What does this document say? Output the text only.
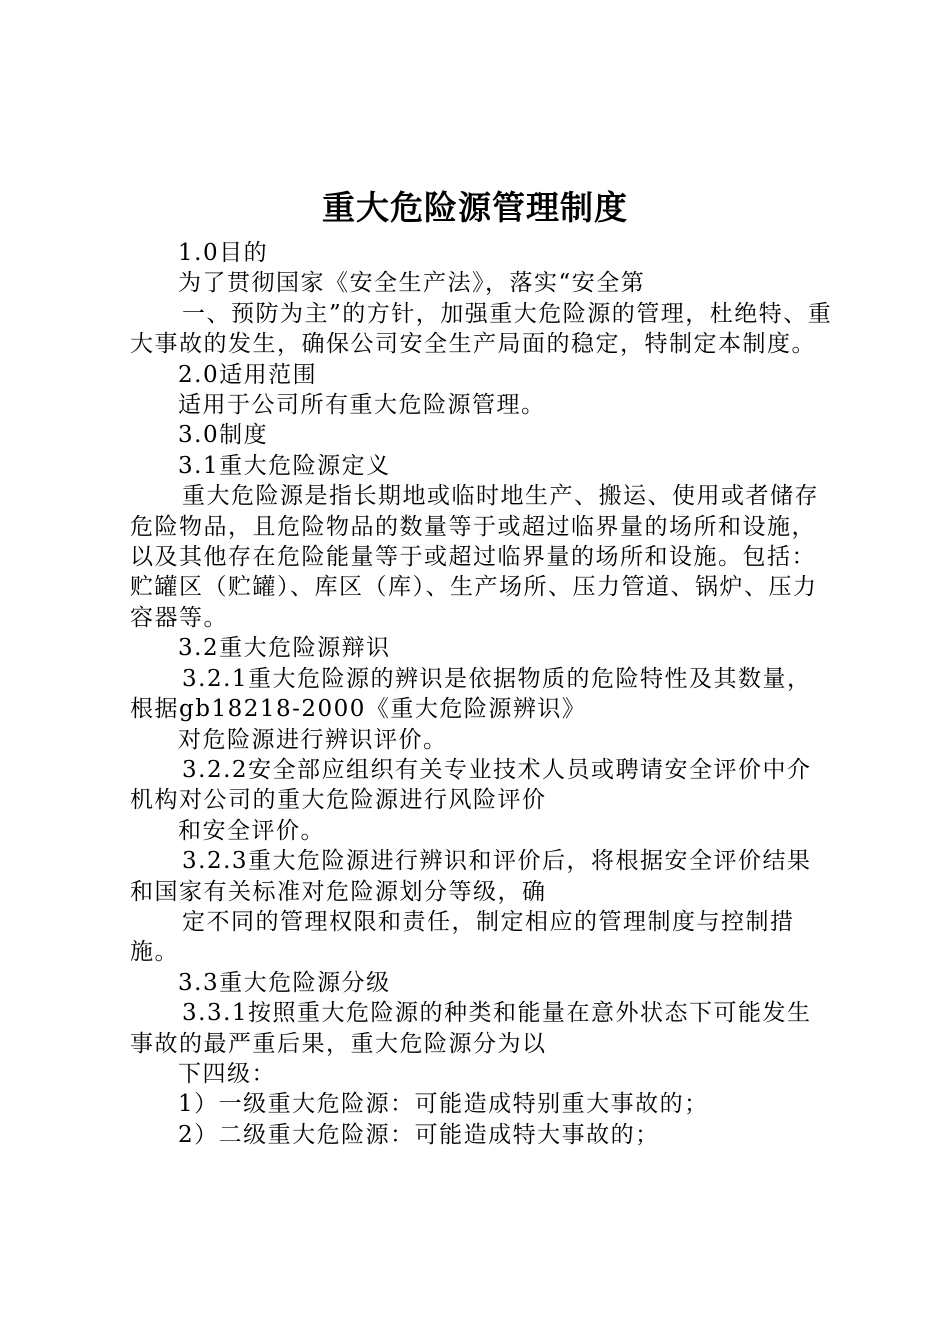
重大危险源管理制度

1.0目的

为了贯彻国家《安全生产法》，落实“安全第

一、预防为主”的方针，加强重大危险源的管理，杜绝特、重大事故的发生，确保公司安全生产局面的稳定，特制定本制度。

2.0适用范围

适用于公司所有重大危险源管理。

3.0制度

3.1重大危险源定义

重大危险源是指长期地或临时地生产、搬运、使用或者储存危险物品，且危险物品的数量等于或超过临界量的场所和设施，以及其他存在危险能量等于或超过临界量的场所和设施。包括：贮罐区（贮罐）、库区（库）、生产场所、压力管道、锅炉、压力容器等。

3.2重大危险源辩识

3.2.1重大危险源的辨识是依据物质的危险特性及其数量，根据gb18218-2000《重大危险源辨识》

对危险源进行辨识评价。

3.2.2安全部应组织有关专业技术人员或聘请安全评价中介机构对公司的重大危险源进行风险评价

和安全评价。

3.2.3重大危险源进行辨识和评价后，将根据安全评价结果和国家有关标准对危险源划分等级，确

定不同的管理权限和责任，制定相应的管理制度与控制措施。

3.3重大危险源分级

3.3.1按照重大危险源的种类和能量在意外状态下可能发生事故的最严重后果，重大危险源分为以

下四级：

1）一级重大危险源：可能造成特别重大事故的；

2）二级重大危险源：可能造成特大事故的；
